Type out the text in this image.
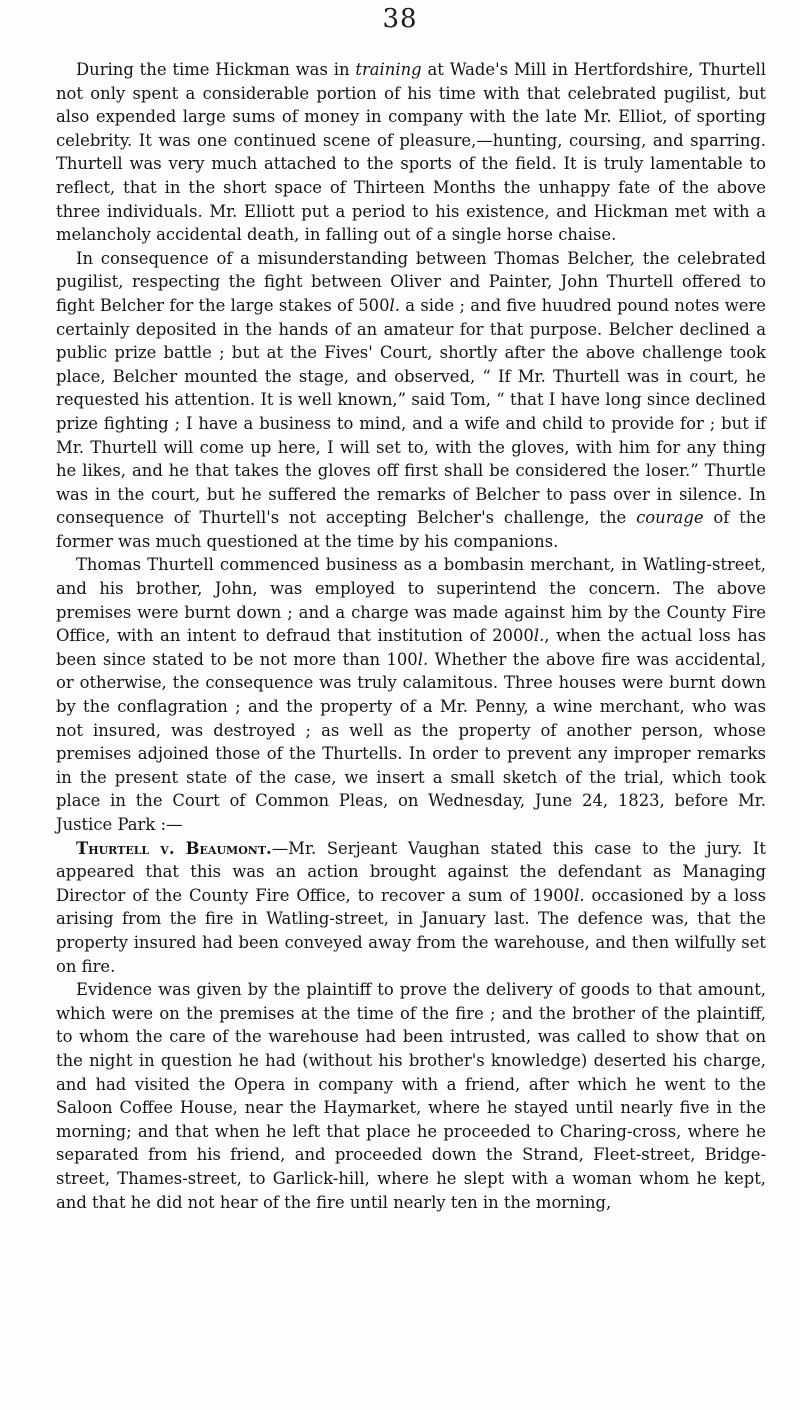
38

During the time Hickman was in training at Wade's Mill in Hertfordshire, Thurtell not only spent a considerable portion of his time with that celebrated pugilist, but also expended large sums of money in company with the late Mr. Elliot, of sporting celebrity. It was one continued scene of pleasure,—hunting, coursing, and sparring. Thurtell was very much attached to the sports of the field. It is truly lamentable to reflect, that in the short space of Thirteen Months the unhappy fate of the above three individuals. Mr. Elliott put a period to his existence, and Hickman met with a melancholy accidental death, in falling out of a single horse chaise.

In consequence of a misunderstanding between Thomas Belcher, the celebrated pugilist, respecting the fight between Oliver and Painter, John Thurtell offered to fight Belcher for the large stakes of 500l. a side ; and five huudred pound notes were certainly deposited in the hands of an amateur for that purpose. Belcher declined a public prize battle ; but at the Fives' Court, shortly after the above challenge took place, Belcher mounted the stage, and observed, “ If Mr. Thurtell was in court, he requested his attention. It is well known,” said Tom, “ that I have long since declined prize fighting ; I have a business to mind, and a wife and child to provide for ; but if Mr. Thurtell will come up here, I will set to, with the gloves, with him for any thing he likes, and he that takes the gloves off first shall be considered the loser.” Thurtle was in the court, but he suffered the remarks of Belcher to pass over in silence. In consequence of Thurtell's not accepting Belcher's challenge, the courage of the former was much questioned at the time by his companions.

Thomas Thurtell commenced business as a bombasin merchant, in Watling-street, and his brother, John, was employed to superintend the concern. The above premises were burnt down ; and a charge was made against him by the County Fire Office, with an intent to defraud that institution of 2000l., when the actual loss has been since stated to be not more than 100l. Whether the above fire was accidental, or otherwise, the consequence was truly calamitous. Three houses were burnt down by the conflagration ; and the property of a Mr. Penny, a wine merchant, who was not insured, was destroyed ; as well as the property of another person, whose premises adjoined those of the Thurtells. In order to prevent any improper remarks in the present state of the case, we insert a small sketch of the trial, which took place in the Court of Common Pleas, on Wednesday, June 24, 1823, before Mr. Justice Park :—

Thurtell v. Beaumont.—Mr. Serjeant Vaughan stated this case to the jury. It appeared that this was an action brought against the defendant as Managing Director of the County Fire Office, to recover a sum of 1900l. occasioned by a loss arising from the fire in Watling-street, in January last. The defence was, that the property insured had been conveyed away from the warehouse, and then wilfully set on fire.

Evidence was given by the plaintiff to prove the delivery of goods to that amount, which were on the premises at the time of the fire ; and the brother of the plaintiff, to whom the care of the warehouse had been intrusted, was called to show that on the night in question he had (without his brother's knowledge) deserted his charge, and had visited the Opera in company with a friend, after which he went to the Saloon Coffee House, near the Haymarket, where he stayed until nearly five in the morning; and that when he left that place he proceeded to Charing-cross, where he separated from his friend, and proceeded down the Strand, Fleet-street, Bridge-street, Thames-street, to Garlick-hill, where he slept with a woman whom he kept, and that he did not hear of the fire until nearly ten in the morning,
